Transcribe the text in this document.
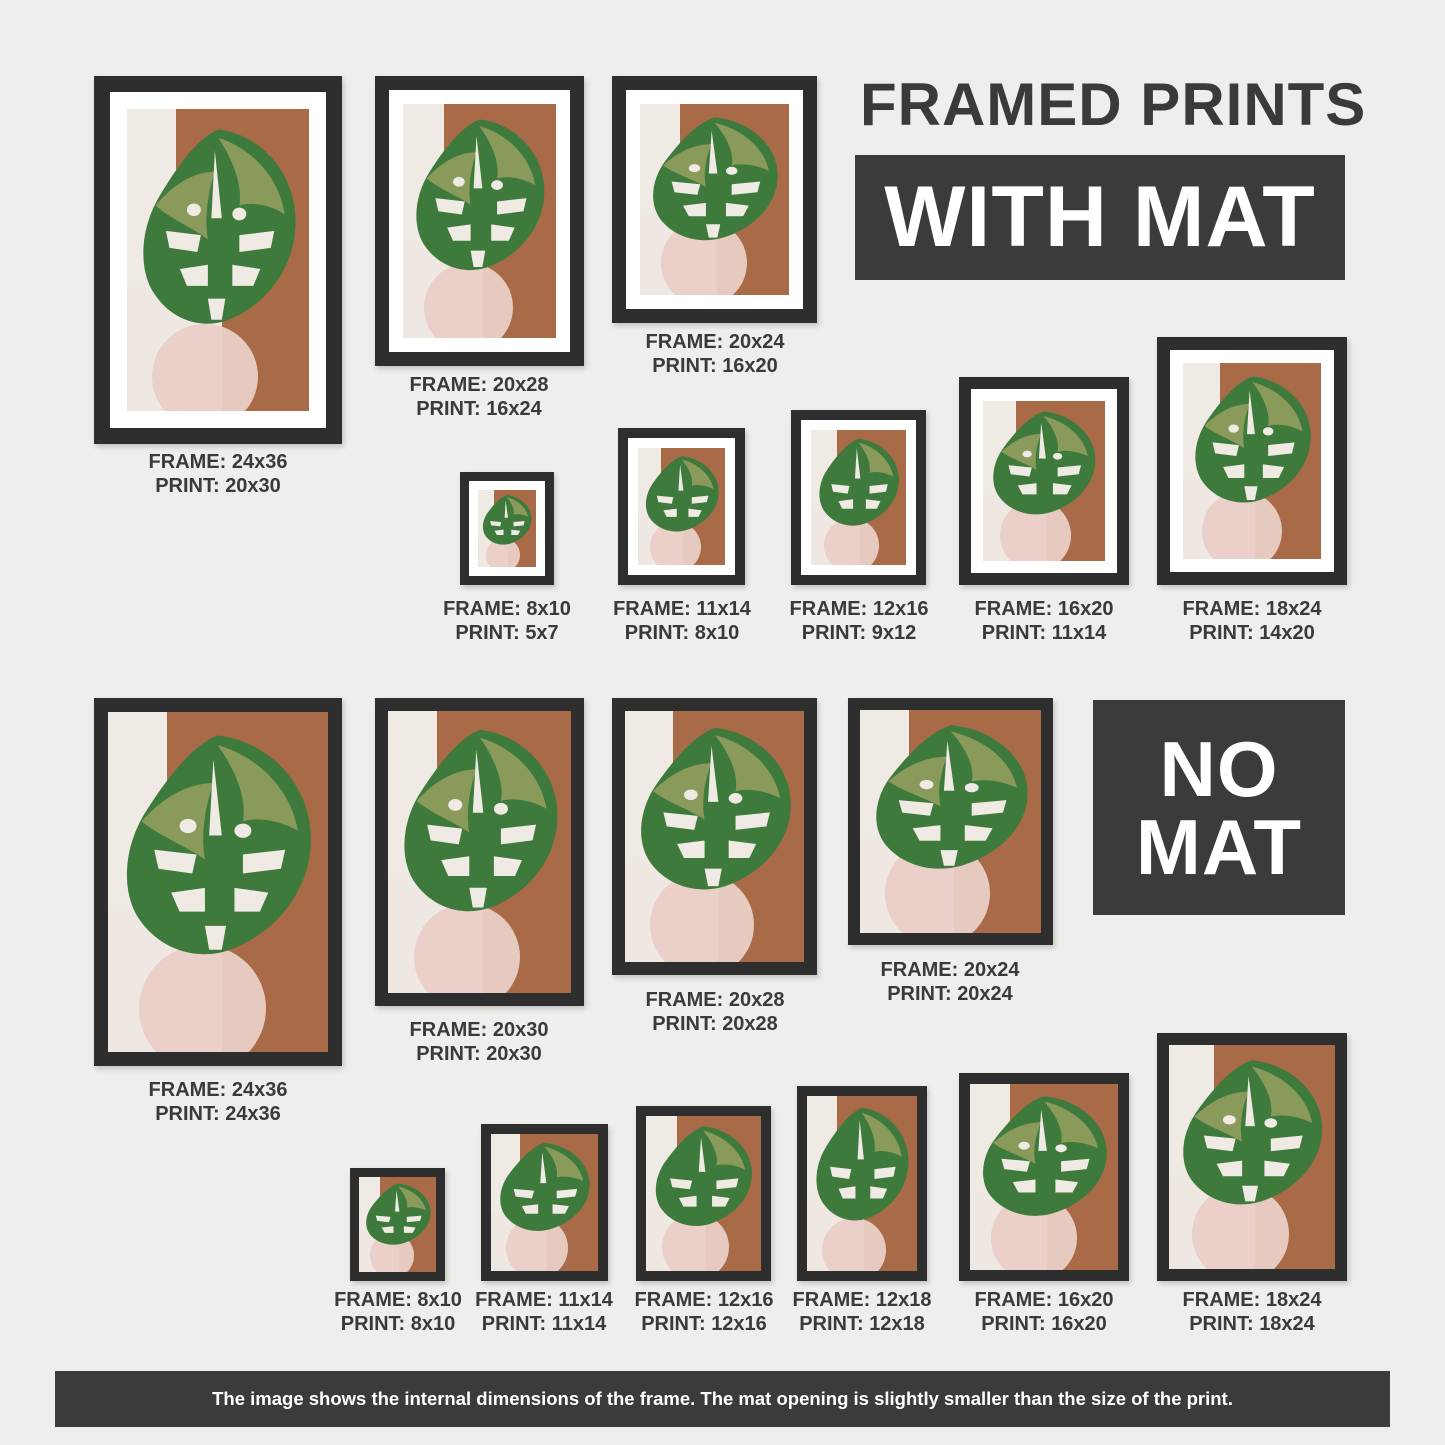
FRAMED PRINTS
WITH MAT
NO
MAT
FRAME: 24x36
PRINT: 20x30
FRAME: 20x28
PRINT: 16x24
FRAME: 20x24
PRINT: 16x20
FRAME: 8x10
PRINT: 5x7
FRAME: 11x14
PRINT: 8x10
FRAME: 12x16
PRINT: 9x12
FRAME: 16x20
PRINT: 11x14
FRAME: 18x24
PRINT: 14x20
FRAME: 24x36
PRINT: 24x36
FRAME: 20x30
PRINT: 20x30
FRAME: 20x28
PRINT: 20x28
FRAME: 20x24
PRINT: 20x24
FRAME: 8x10
PRINT: 8x10
FRAME: 11x14
PRINT: 11x14
FRAME: 12x16
PRINT: 12x16
FRAME: 12x18
PRINT: 12x18
FRAME: 16x20
PRINT: 16x20
FRAME: 18x24
PRINT: 18x24
The image shows the internal dimensions of the frame. The mat opening is slightly smaller than the size of the print.
